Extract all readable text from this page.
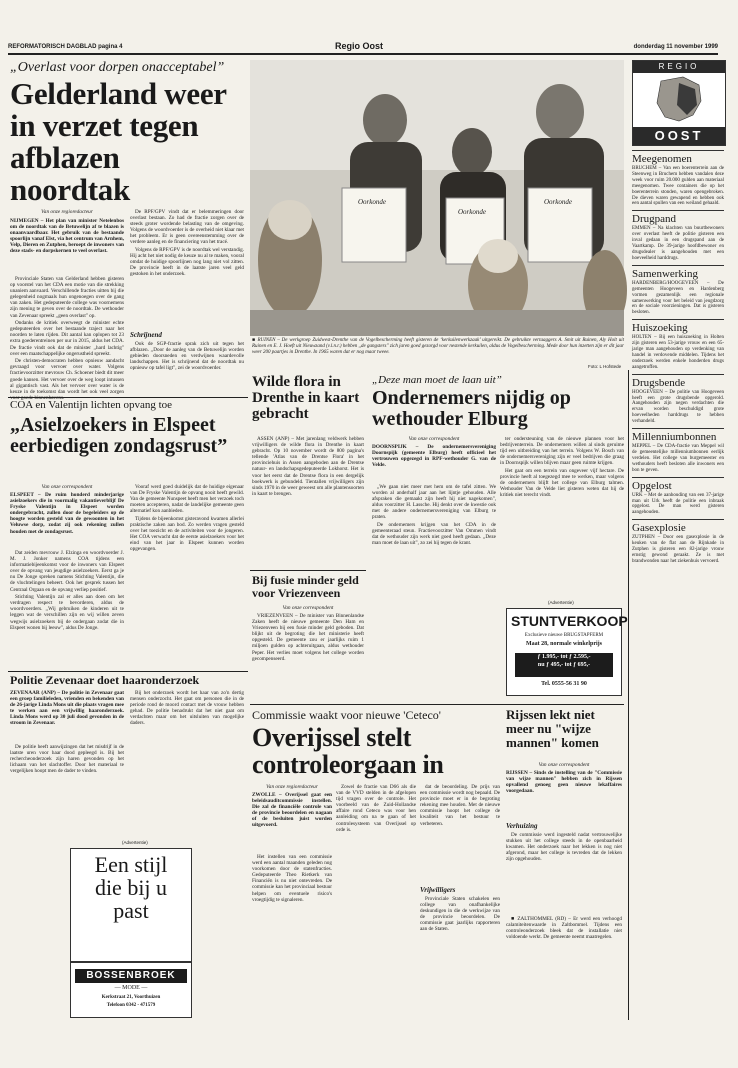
REFORMATORISCH DAGBLAD pagina 4	Regio Oost	donderdag 11 november 1999
„Overlast voor dorpen onacceptabel”
Gelderland weer in verzet tegen afblazen noordtak
Van onze regioredacteur
NIJMEGEN – Het plan van minister Netelenbos om de noordtak van de Betuwelijn af te blazen is onaanvaardbaar. Het gebruik van de bestaande spoorlijn vanaf Elst, via het centrum van Arnhem, Velp, Dieren en Zutphen, beroept de inwoners van deze stads- en dorpskernen te veel overlast.

Provinciale Staten van Gelderland hebben gisteren op voorstel van het CDA een motie van die strekking unaniem aanvaard. Verschillende fracties uitten bij die gelegenheid nogmaals hun ongenoegen over de gang van zaken. Het gedeputeerde college was voornemens zijn mening te geven over de noordtak. De wethouder van Zevenaar spreekt ,,geen overlast" op.

Ondanks de kritiek overweegt de minister echte gedeputeerden over het bestaande traject naar het noorden te laten rijden. Dit aantal kan oplopen tot 23 extra goederentreinen per uur in 2015, aldus het CDA. De fractie vindt ook dat de minister ,,hard lachtig" over een maatschappelijke ongerustheid spreekt.

De christen-democraten hebben opnieuw aandacht gevraagd voor vervoer over water. Volgens fractievoorzitter mevrouw Ch. Schoener biedt dit meer goede kansen. Het vervoer over de weg loopt intussen al gigantisch vast. Als het vervoer over water is de keuze in de toekomst dan wordt het ook veel zorgen

De RPF/GPV vindt dat er belemmeringen door overlast bestaan. Zo had de fractie zorgen over de steeds groter wordende belasting van de omgeving. Volgens de woordvoerder is de overheid niet klaar met het probleem. Er is geen overeenstemming over de verdere aanleg en de financiering van het tracé.

Volgens de RPF/GPV is de noordtak wel verstandig. Hij acht het niet nodig de keuze nu al te maken, vooral omdat de huidige spoorlijnen nog lang niet vol zitten. De provincie heeft in de laatste jaren veel geld gestoken in het onderzoek.

Schrijnend

Ook de SGP-fractie sprak zich uit tegen het afblazen. ,,Door de aanleg van de Betuwelijn worden gebieden doorsneden en verdwijnen waardevolle landschappen. Het is schrijnend dat de noordtak nu opnieuw op tafel ligt", zei de woordvoerder.

Oorkonde
Oorkonde
Oorkonde
■ RUINEN – De werkgroep Zuidwest-Drenthe van de Vogelbescherming heeft gisteren de ‘kerkuilenwerkzaak’ uitgereikt. De gebruikte vertaaggers A. Smit uit Ruinen, Aly Holt uit Ruinen en E. J. Hoeft uit Nieuwzand (v.l.n.r.) hebben ,,de gangsters" zich jaren goed gezorgd voor nestende kerkuilen, aldus de Vogelbescherming. Mede door hun inzetten zijn er dit jaar weer 200 paartjes in Drenthe. In 1965 waren dat er nog maar tweee.
Foto: L Hofstede
COA en Valentijn lichten opvang toe
„Asielzoekers in Elspeet eerbiedigen zondagsrust”
Van onze correspondent
ELSPEET – De ruim honderd minderjarige asielzoekers die in voormalig vakantieverblijf De Fryske Valentijn in Elspeet worden ondergebracht, zullen door de begeleiders op de hoogte worden gesteld van de gewoonten in het Veluwse dorp, zodat zij ook rekening zullen houden met de zondagsrust.

Dat zeiden mevrouw J. Elzinga en woordvoerder J. M. J. Jonker namens COA tijdens een informatiebijeenkomst voor de inwoners van Elspeet over de opvang van jeugdige asielzoekers. Eerst ga je nu De Jonge spreken namens Stichting Valentijn, die de vluchtelingen beheert. Ook het gesprek tussen het Centraal Orgaan en de opvang verliep positief.

Stichting Valentijn zal er alles aan doen om het verdragen respect te bevorderen, aldus de woordvoerders. ,,Wij gebruiken de kinderen uit te leggen wat de verschillen zijn en wij willen zeven wegwijs asielzoekers bij de ondergaan zodat die in Elspeet wonen bij leeuw", aldus De Jonge.

Vooraf werd goed duidelijk dat de huidige eigenaar van De Fryske Valentijn de opvang nooit heeft gewild. Van de gemeente Nunspeet heeft men het verzoek toch moeten accepteren, nadat de landelijke gemeente geen alternatief kon aanbieden.

Tijdens de bijeenkomst gisteravond kwamen allerlei praktische zaken aan bod. Zo werden vragen gesteld over het toezicht en de activiteiten voor de jongeren. Het COA verwacht dat de eerste asielzoekers voor het eind van het jaar in Elspeet kunnen worden opgevangen.

Politie Zevenaar doet haaronderzoek
ZEVENAAR (ANP) – De politie in Zevenaar gaat een groep familieleden, vrienden en bekenden van de 26-jarige Linda Mons uit die plaats vragen mee te werken aan een vrijwillig haaronderzoek. Linda Mons werd op 30 juli dood gevonden in de stroom in Zevenaar.

De politie heeft aanwijzingen dat het misdrijf in de laatste uren voor haar dood gepleegd is. Bij het rechercheonderzoek zijn haren gevonden op het lichaam van het slachtoffer. Door het materiaal te vergelijken hoopt men de dader te vinden.

Bij het onderzoek wordt het haar van zo'n dertig mensen onderzocht. Het gaat om personen die in de periode rond de moord contact met de vrouw hebben gehad. De politie benadrukt dat het niet gaat om verdachten maar om het uitsluiten van mogelijke daders.

(Advertentie)
Een stijl die bij u past
BOSSENBROEK
— MODE —
Kerkstraat 21, Voorthuizen
Telefoon 0342 - 471579
Wilde flora in Drenthe in kaart gebracht

ASSEN (ANP) – Met jarenlang veldwerk hebben vrijwilligers de wilde flora in Drenthe in kaart gebracht. Op 10 november wordt de 800 pagina's tellende 'Atlas van de Drentse Flora' in het provinciehuis in Assen aangeboden aan de Drentse natuur- en landschapsgedeputeerde Lokhorst. Het is voor het eerst dat de Drentse flora in een dergelijk boekwerk is gebundeld. Tientallen vrijwilligers zijn sinds 1970 in de weer geweest om alle plantensoorten in kaart te brengen.

Bij fusie minder geld voor Vriezenveen
Van onze correspondent

VRIEZENVEEN – De minister van Binnenlandse Zaken heeft de nieuwe gemeente Den Ham en Vriezenveen bij een fusie minder geld geboden. Dat blijkt uit de begroting die het ministerie heeft opgesteld. De gemeente zou er jaarlijks ruim 1 miljoen gulden op achteruitgaan, aldus wethouder Peper. Het verlies moet volgens het college worden gecompenseerd.

„Deze man moet de laan uit”
Ondernemers nijdig op wethouder Elburg
Van onze correspondent
DOORNSPIJK – De ondernemersvereniging Doornspijk (gemeente Elburg) heeft officieel het vertrouwen opgezegd in RPF-wethouder G. van de Velde.

„We gaan niet meer met hem om de tafel zitten. We worden al anderhalf jaar aan het lijntje gehouden. Alle afspraken die gemaakt zijn heeft hij niet nagekomen", aldus voorzitter H. Lassche. Hij denkt over de kwestie ook met de andere ondernemersvereniging van Elburg te praten.

De ondernemers krijgen van het CDA in de gemeenteraad steun. Fractievoorzitter Van Ommen vindt dat de wethouder zijn werk niet goed heeft gedaan. ,,Deze man moet de laan uit", zo zei hij tegen de krant.

ter ondersteuning van de nieuwe plannen voor het bedrijventerrein. De ondernemers willen al sinds geruime tijd een uitbreiding van het terrein. Volgens W. Bosch van de ondernemersvereniging zijn er veel bedrijven die graag in Doornspijk willen blijven maar geen ruimte krijgen.

Het gaat om een terrein van ongeveer vijf hectare. De provincie heeft al toegezegd mee te werken, maar volgens de ondernemers blijft het college van Elburg talmen. Wethouder Van de Velde liet gisteren weten dat hij de kritiek niet terecht vindt.

(Advertentie)
STUNTVERKOOP
Exclusieve nieuwe BRUGSTAPFERM
Maat 28, normale winkelprijs
ƒ 1.995,- tot ƒ 2.595,-
nu ƒ 495,- tot ƒ 695,-
Tel. 0555-56 31 90
Commissie waakt voor nieuwe 'Ceteco'
Overijssel stelt controleorgaan in
Van onze regioredacteur
ZWOLLE – Overijssel gaat een beleidsauditcommissie instellen. Die zal de financiële controle van de provincie beoordelen en nagaan of de besluiten juist worden uitgevoerd.

Het instellen van een commissie werd een aantal maanden geleden nog voorkomen door de statenfracties. Gedeputeerde Theo Rietkerk van Financiën is nu niet ontevreden. De commissie kan het provinciaal bestuur helpen om eventuele risico's vroegtijdig te signaleren.

Zowel de fractie van D66 als die van de VVD stelden in de afgelopen tijd vragen over de controle. Het voorbeeld van de Zuid-Hollandse affaire rond Ceteco was voor hen aanleiding om na te gaan of het controlesysteem van Overijssel op orde is.

dat de beoordeling. De prijs van een commissie wordt nog bepaald. De provincie moet er in de begroting rekening mee houden. Met de nieuwe commissie hoopt het college de kwaliteit van het bestuur te verbeteren.

Vrijwilligers

Provinciale Staten schakelen een college van onafhankelijke deskundigen in die de werkwijze van de provincie beoordelen. De commissie gaat jaarlijks rapporteren aan de Staten.

Rijssen lekt niet meer nu "wijze mannen" komen
Van onze correspondent
RIJSSEN – Sinds de instelling van de "Commissie van wijze mannen" hebben zich in Rijssen opvallend genoeg geen nieuwe lekaffaires voorgedaan.
Verhuizing

De commissie werd ingesteld nadat vertrouwelijke stukken uit het college steeds in de openbaarheid kwamen. Het onderzoek naar het lekken is nog niet afgerond, maar het college is tevreden dat de lekken zijn opgehouden.

■ ZALTHOMMEL (RD) – Er werd een verhoogd calamiteitenwaarde in Zaltbommel. Tijdens een controleonderzoek bleek dat de installatie niet voldoende werkt. De gemeente neemt maatregelen.

REGIO
OOST
Meegenomen
BRUCHEM – Van een boerenterrein aan de Steenweg in Bruchem hebben vandalen deze week voor ruim 20.000 gulden aan materiaal meegenomen. Twee containers die op het boerenterrein stonden, waren opengebroken. De dieven waren gewapend en hebben ook een aantal spullen van een weiland gehaald.
Drugpand
EMMEN – Na klachten van buurtbewoners over overlast heeft de politie gisteren een inval gedaan in een drugspand aan de Vaartkamp. De 39-jarige hoofdbewoner en drugsdealer is aangehouden met een hoeveelheid harddrugs.
Samenwerking
HARDENBERG/HOOGEVEEN – De gemeenten Hoogeveen en Hardenberg vormen gezamenlijk een regionale samenwerking voor het beleid van jeugdzorg en de sociale voorzieningen. Dat is gisteren besloten.
Huiszoeking
HOLTEN – Bij een huiszoeking in Holten zijn gisteren een 53-jarige vrouw en een 65-jarige man aangehouden op verdenking van handel in verdovende middelen. Tijdens het onderzoek werden enkele honderden drugs aangetroffen.
Drugsbende
HOOGEVEEN – De politie van Hoogeveen heeft een grote drugsbende opgerold. Aangehouden zijn negen verdachten die ervan worden beschuldigd grote hoeveelheden harddrugs te hebben verhandeld.
Millenniumbonnen
MEPPEL – De CDA-fractie van Meppel wil de gemeentelijke millenniumbonnen eerlijk verdelen. Het college van burgemeester en wethouders heeft besloten alle inwoners een bon te geven.
Opgelost
URK – Met de aanhouding van een 37-jarige man uit Urk heeft de politie een inbraak opgelost. De man werd gisteren aangehouden.
Gasexplosie
ZUTPHEN – Door een gasexplosie in de keuken van de flat aan de Rijnkade in Zutphen is gisteren een 82-jarige vrouw ernstig gewond geraakt. Ze is met brandwonden naar het ziekenhuis vervoerd.
